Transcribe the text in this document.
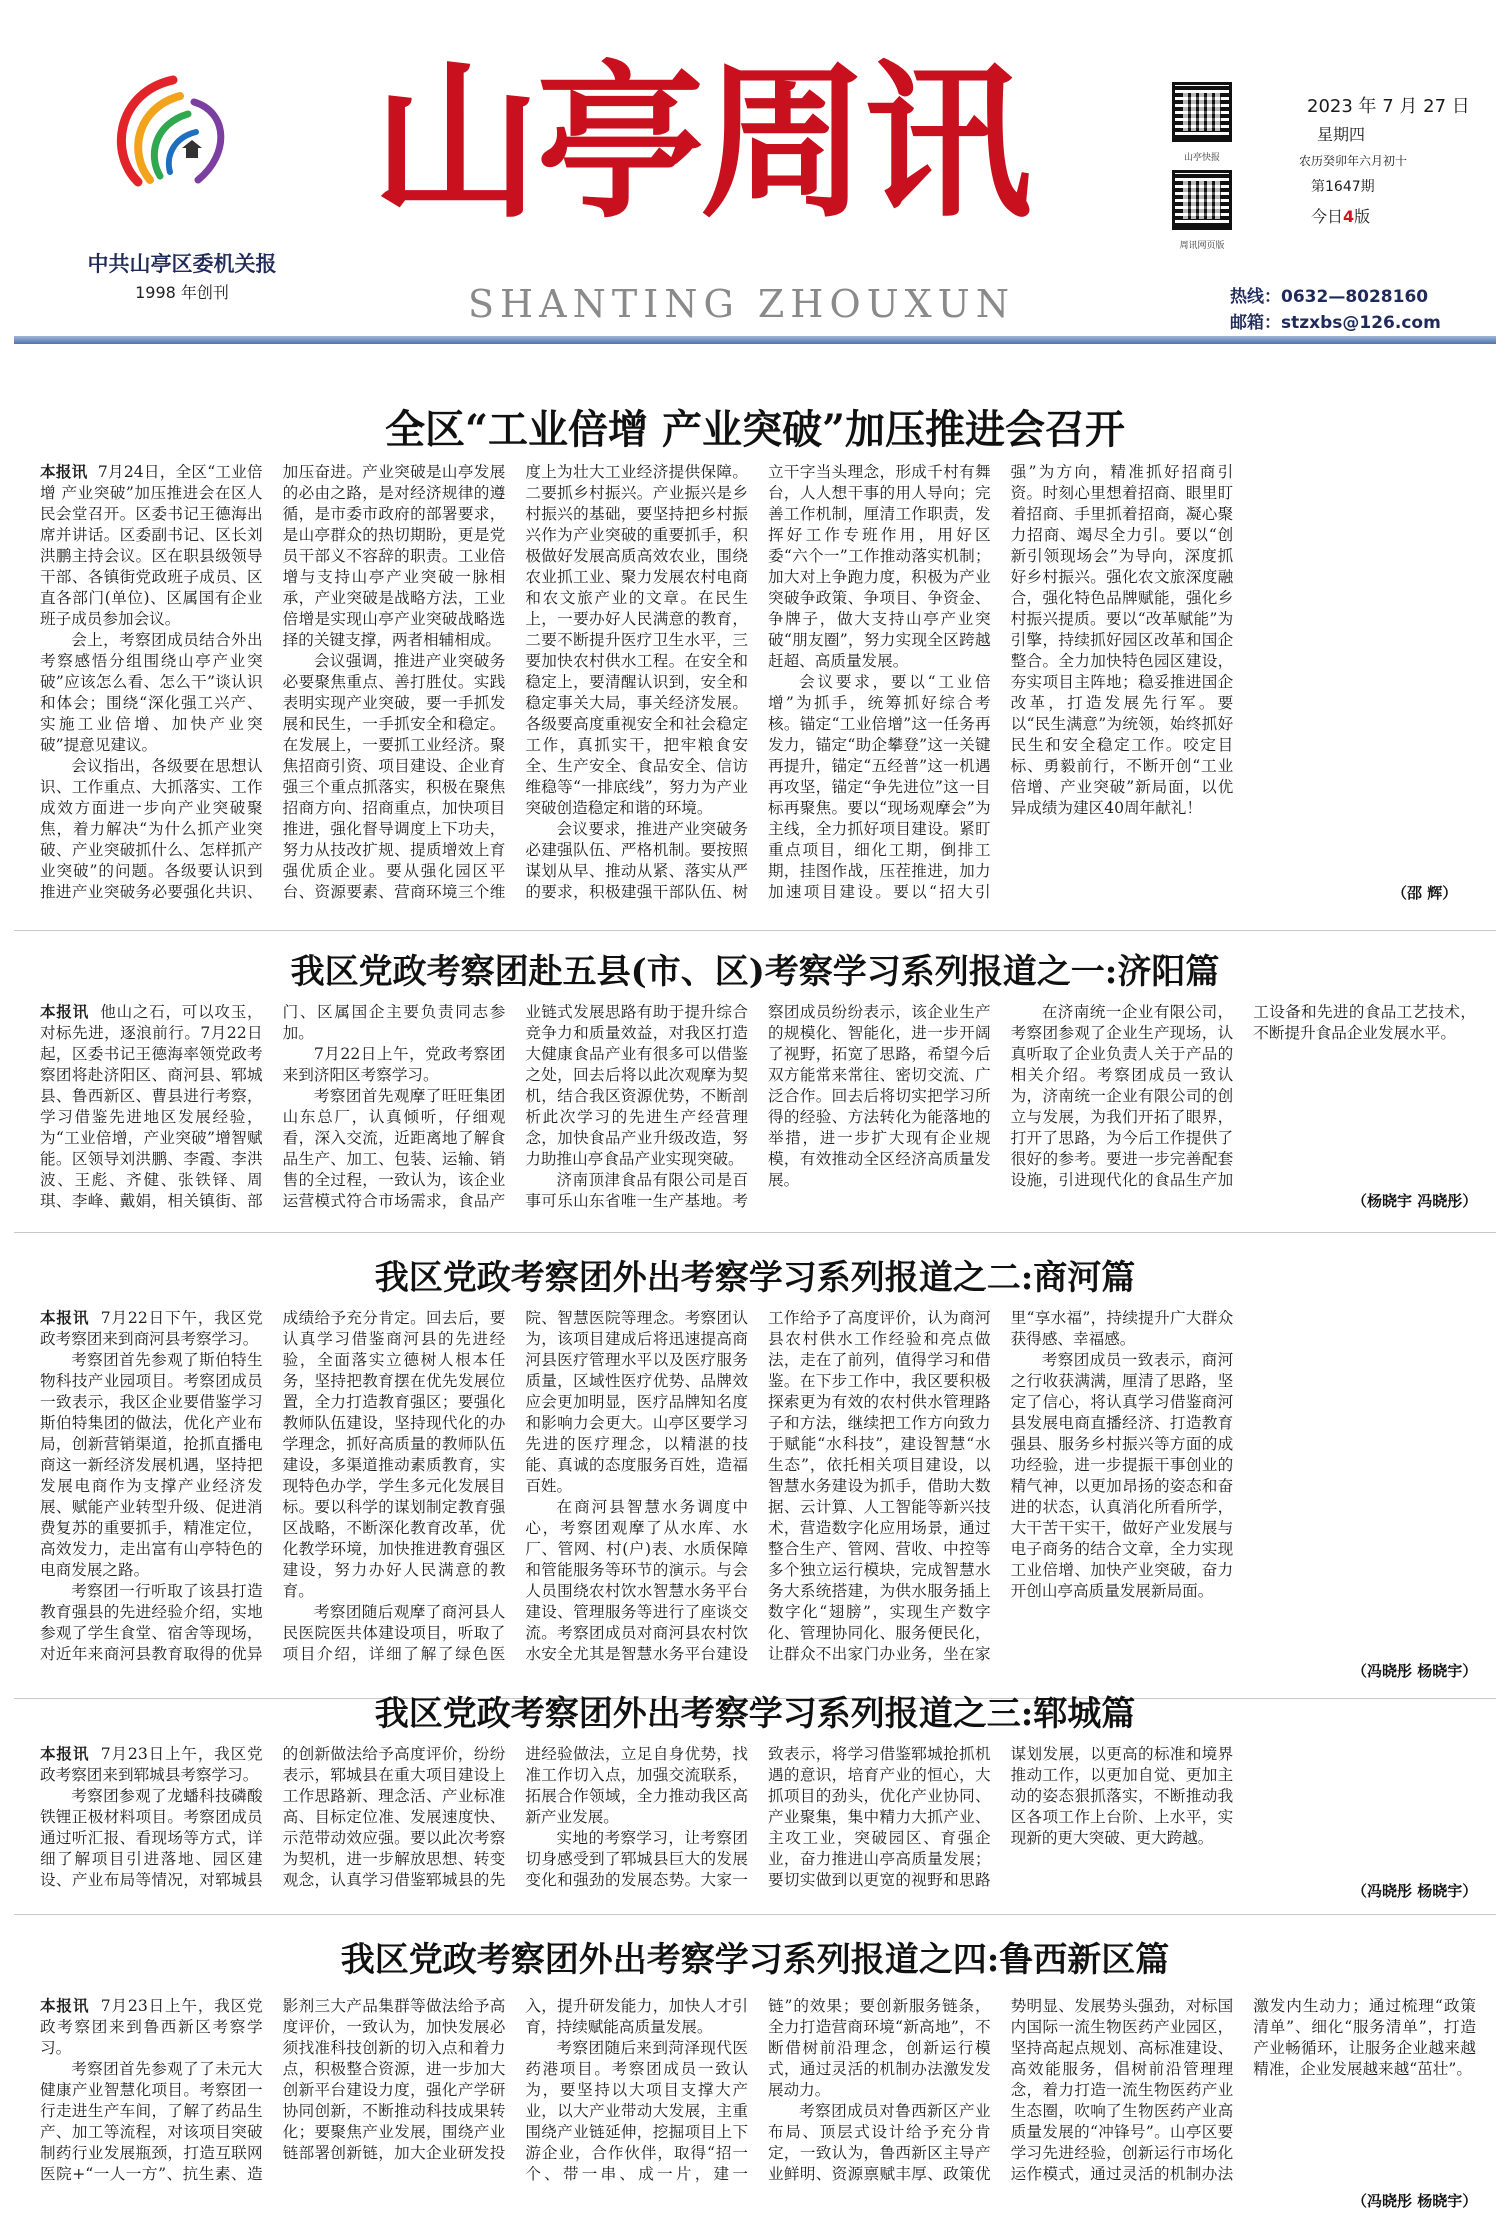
中共山亭区委机关报
1998 年创刊
山亭周讯
SHANTING ZHOUXUN
山亭快报
周讯网页版
2023 年 7 月 27 日
星期四
农历癸卯年六月初十
第1647期
今日4版
热线：0632—8028160
邮箱：stzxbs@126.com
全区“工业倍增 产业突破”加压推进会召开

本报讯 7月24日，全区“工业倍增 产业突破”加压推进会在区人民会堂召开。区委书记王德海出席并讲话。区委副书记、区长刘洪鹏主持会议。区在职县级领导干部、各镇街党政班子成员、区直各部门(单位)、区属国有企业班子成员参加会议。

会上，考察团成员结合外出考察感悟分组围绕山亭产业突破”应该怎么看、怎么干”谈认识和体会；围绕“深化强工兴产、实施工业倍增、加快产业突破”提意见建议。

会议指出，各级要在思想认识、工作重点、大抓落实、工作成效方面进一步向产业突破聚焦，着力解决“为什么抓产业突破、产业突破抓什么、怎样抓产业突破”的问题。各级要认识到推进产业突破务必要强化共识、加压奋进。产业突破是山亭发展的必由之路，是对经济规律的遵循，是市委市政府的部署要求，是山亭群众的热切期盼，更是党员干部义不容辞的职责。工业倍增与支持山亭产业突破一脉相承，产业突破是战略方法，工业倍增是实现山亭产业突破战略选择的关键支撑，两者相辅相成。

会议强调，推进产业突破务必要聚焦重点、善打胜仗。实践表明实现产业突破，要一手抓发展和民生，一手抓安全和稳定。在发展上，一要抓工业经济。聚焦招商引资、项目建设、企业育强三个重点抓落实，积极在聚焦招商方向、招商重点，加快项目推进，强化督导调度上下功夫，努力从技改扩规、提质增效上育强优质企业。要从强化园区平台、资源要素、营商环境三个维度上为壮大工业经济提供保障。二要抓乡村振兴。产业振兴是乡村振兴的基础，要坚持把乡村振兴作为产业突破的重要抓手，积极做好发展高质高效农业，围绕农业抓工业、聚力发展农村电商和农文旅产业的文章。在民生上，一要办好人民满意的教育，二要不断提升医疗卫生水平，三要加快农村供水工程。在安全和稳定上，要清醒认识到，安全和稳定事关大局，事关经济发展。各级要高度重视安全和社会稳定工作，真抓实干，把牢粮食安全、生产安全、食品安全、信访维稳等“一排底线”，努力为产业突破创造稳定和谐的环境。

会议要求，推进产业突破务必建强队伍、严格机制。要按照谋划从早、推动从紧、落实从严的要求，积极建强干部队伍、树立干字当头理念，形成千村有舞台，人人想干事的用人导向；完善工作机制，厘清工作职责，发挥好工作专班作用，用好区委“六个一”工作推动落实机制；加大对上争跑力度，积极为产业突破争政策、争项目、争资金、争牌子，做大支持山亭产业突破“朋友圈”，努力实现全区跨越赶超、高质量发展。

会议要求，要以“工业倍增”为抓手，统筹抓好综合考核。锚定“工业倍增”这一任务再发力，锚定“助企攀登”这一关键再提升，锚定“五经普”这一机遇再攻坚，锚定“争先进位”这一目标再聚焦。要以“现场观摩会”为主线，全力抓好项目建设。紧盯重点项目，细化工期，倒排工期，挂图作战，压茬推进，加力加速项目建设。要以“招大引强”为方向，精准抓好招商引资。时刻心里想着招商、眼里盯着招商、手里抓着招商，凝心聚力招商、竭尽全力引。要以“创新引领现场会”为导向，深度抓好乡村振兴。强化农文旅深度融合，强化特色品牌赋能，强化乡村振兴提质。要以“改革赋能”为引擎，持续抓好园区改革和国企整合。全力加快特色园区建设，夯实项目主阵地；稳妥推进国企改革，打造发展先行军。要以“民生满意”为统领，始终抓好民生和安全稳定工作。咬定目标、勇毅前行，不断开创“工业倍增、产业突破”新局面，以优异成绩为建区40周年献礼！

（邵 辉）
我区党政考察团赴五县(市、区)考察学习系列报道之一:济阳篇

本报讯 他山之石，可以攻玉，对标先进，逐浪前行。7月22日起，区委书记王德海率领党政考察团将赴济阳区、商河县、郓城县、鲁西新区、曹县进行考察，学习借鉴先进地区发展经验，为“工业倍增，产业突破”增智赋能。区领导刘洪鹏、李霞、李洪波、王彪、齐健、张铁铎、周琪、李峰、戴娟，相关镇街、部门、区属国企主要负责同志参加。

7月22日上午，党政考察团来到济阳区考察学习。

考察团首先观摩了旺旺集团山东总厂，认真倾听，仔细观看，深入交流，近距离地了解食品生产、加工、包装、运输、销售的全过程，一致认为，该企业运营模式符合市场需求，食品产业链式发展思路有助于提升综合竞争力和质量效益，对我区打造大健康食品产业有很多可以借鉴之处，回去后将以此次观摩为契机，结合我区资源优势，不断剖析此次学习的先进生产经营理念，加快食品产业升级改造，努力助推山亭食品产业实现突破。

济南顶津食品有限公司是百事可乐山东省唯一生产基地。考察团成员纷纷表示，该企业生产的规模化、智能化，进一步开阔了视野，拓宽了思路，希望今后双方能常来常往、密切交流、广泛合作。回去后将切实把学习所得的经验、方法转化为能落地的举措，进一步扩大现有企业规模，有效推动全区经济高质量发展。

在济南统一企业有限公司，考察团参观了企业生产现场，认真听取了企业负责人关于产品的相关介绍。考察团成员一致认为，济南统一企业有限公司的创立与发展，为我们开拓了眼界，打开了思路，为今后工作提供了很好的参考。要进一步完善配套设施，引进现代化的食品生产加工设备和先进的食品工艺技术，不断提升食品企业发展水平。

（杨晓宇 冯晓彤）
我区党政考察团外出考察学习系列报道之二:商河篇

本报讯 7月22日下午，我区党政考察团来到商河县考察学习。

考察团首先参观了斯伯特生物科技产业园项目。考察团成员一致表示，我区企业要借鉴学习斯伯特集团的做法，优化产业布局，创新营销渠道，抢抓直播电商这一新经济发展机遇，坚持把发展电商作为支撑产业经济发展、赋能产业转型升级、促进消费复苏的重要抓手，精准定位，高效发力，走出富有山亭特色的电商发展之路。

考察团一行听取了该县打造教育强县的先进经验介绍，实地参观了学生食堂、宿舍等现场，对近年来商河县教育取得的优异成绩给予充分肯定。回去后，要认真学习借鉴商河县的先进经验，全面落实立德树人根本任务，坚持把教育摆在优先发展位置，全力打造教育强区；要强化教师队伍建设，坚持现代化的办学理念，抓好高质量的教师队伍建设，多渠道推动素质教育，实现特色办学，学生多元化发展目标。要以科学的谋划制定教育强区战略，不断深化教育改革，优化教学环境，加快推进教育强区建设，努力办好人民满意的教育。

考察团随后观摩了商河县人民医院医共体建设项目，听取了项目介绍，详细了解了绿色医院、智慧医院等理念。考察团认为，该项目建成后将迅速提高商河县医疗管理水平以及医疗服务质量，区域性医疗优势、品牌效应会更加明显，医疗品牌知名度和影响力会更大。山亭区要学习先进的医疗理念，以精湛的技能、真诚的态度服务百姓，造福百姓。

在商河县智慧水务调度中心，考察团观摩了从水库、水厂、管网、村(户)表、水质保障和管能服务等环节的演示。与会人员围绕农村饮水智慧水务平台建设、管理服务等进行了座谈交流。考察团成员对商河县农村饮水安全尤其是智慧水务平台建设工作给予了高度评价，认为商河县农村供水工作经验和亮点做法，走在了前列，值得学习和借鉴。在下步工作中，我区要积极探索更为有效的农村供水管理路子和方法，继续把工作方向致力于赋能“水科技”，建设智慧“水生态”，依托相关项目建设，以智慧水务建设为抓手，借助大数据、云计算、人工智能等新兴技术，营造数字化应用场景，通过整合生产、管网、营收、中控等多个独立运行模块，完成智慧水务大系统搭建，为供水服务插上数字化“翅膀”，实现生产数字化、管理协同化、服务便民化，让群众不出家门办业务，坐在家里“享水福”，持续提升广大群众获得感、幸福感。

考察团成员一致表示，商河之行收获满满，厘清了思路，坚定了信心，将认真学习借鉴商河县发展电商直播经济、打造教育强县、服务乡村振兴等方面的成功经验，进一步提振干事创业的精气神，以更加昂扬的姿态和奋进的状态，认真消化所看所学，大干苦干实干，做好产业发展与电子商务的结合文章，全力实现工业倍增、加快产业突破，奋力开创山亭高质量发展新局面。

（冯晓彤 杨晓宇）
我区党政考察团外出考察学习系列报道之三:郓城篇

本报讯 7月23日上午，我区党政考察团来到郓城县考察学习。

考察团参观了龙蟠科技磷酸铁锂正极材料项目。考察团成员通过听汇报、看现场等方式，详细了解项目引进落地、园区建设、产业布局等情况，对郓城县的创新做法给予高度评价，纷纷表示，郓城县在重大项目建设上工作思路新、理念活、产业标准高、目标定位准、发展速度快、示范带动效应强。要以此次考察为契机，进一步解放思想、转变观念，认真学习借鉴郓城县的先进经验做法，立足自身优势，找准工作切入点，加强交流联系，拓展合作领域，全力推动我区高新产业发展。

实地的考察学习，让考察团切身感受到了郓城县巨大的发展变化和强劲的发展态势。大家一致表示，将学习借鉴郓城抢抓机遇的意识，培育产业的恒心，大抓项目的劲头，优化产业协同、产业聚集，集中精力大抓产业、主攻工业，突破园区、育强企业，奋力推进山亭高质量发展；要切实做到以更宽的视野和思路谋划发展，以更高的标准和境界推动工作，以更加自觉、更加主动的姿态狠抓落实，不断推动我区各项工作上台阶、上水平，实现新的更大突破、更大跨越。

（冯晓彤 杨晓宇）
我区党政考察团外出考察学习系列报道之四:鲁西新区篇

本报讯 7月23日上午，我区党政考察团来到鲁西新区考察学习。

考察团首先参观了了未元大健康产业智慧化项目。考察团一行走进生产车间，了解了药品生产、加工等流程，对该项目突破制药行业发展瓶颈，打造互联网医院+“一人一方”、抗生素、造影剂三大产品集群等做法给予高度评价，一致认为，加快发展必须找准科技创新的切入点和着力点，积极整合资源，进一步加大创新平台建设力度，强化产学研协同创新，不断推动科技成果转化；要聚焦产业发展，围绕产业链部署创新链，加大企业研发投入，提升研发能力，加快人才引育，持续赋能高质量发展。

考察团随后来到菏泽现代医药港项目。考察团成员一致认为，要坚持以大项目支撑大产业，以大产业带动大发展，主重围绕产业链延伸，挖掘项目上下游企业，合作伙伴，取得“招一个、带一串、成一片，建一链”的效果；要创新服务链条，全力打造营商环境“新高地”，不断借树前沿理念，创新运行模式，通过灵活的机制办法激发发展动力。

考察团成员对鲁西新区产业布局、顶层式设计给予充分肯定，一致认为，鲁西新区主导产业鲜明、资源禀赋丰厚、政策优势明显、发展势头强劲，对标国内国际一流生物医药产业园区，坚持高起点规划、高标准建设、高效能服务，倡树前沿管理理念，着力打造一流生物医药产业生态圈，吹响了生物医药产业高质量发展的“冲锋号”。山亭区要学习先进经验，创新运行市场化运作模式，通过灵活的机制办法激发内生动力；通过梳理“政策清单”、细化“服务清单”，打造产业畅循环，让服务企业越来越精准，企业发展越来越“茁壮”。

（冯晓彤 杨晓宇）
